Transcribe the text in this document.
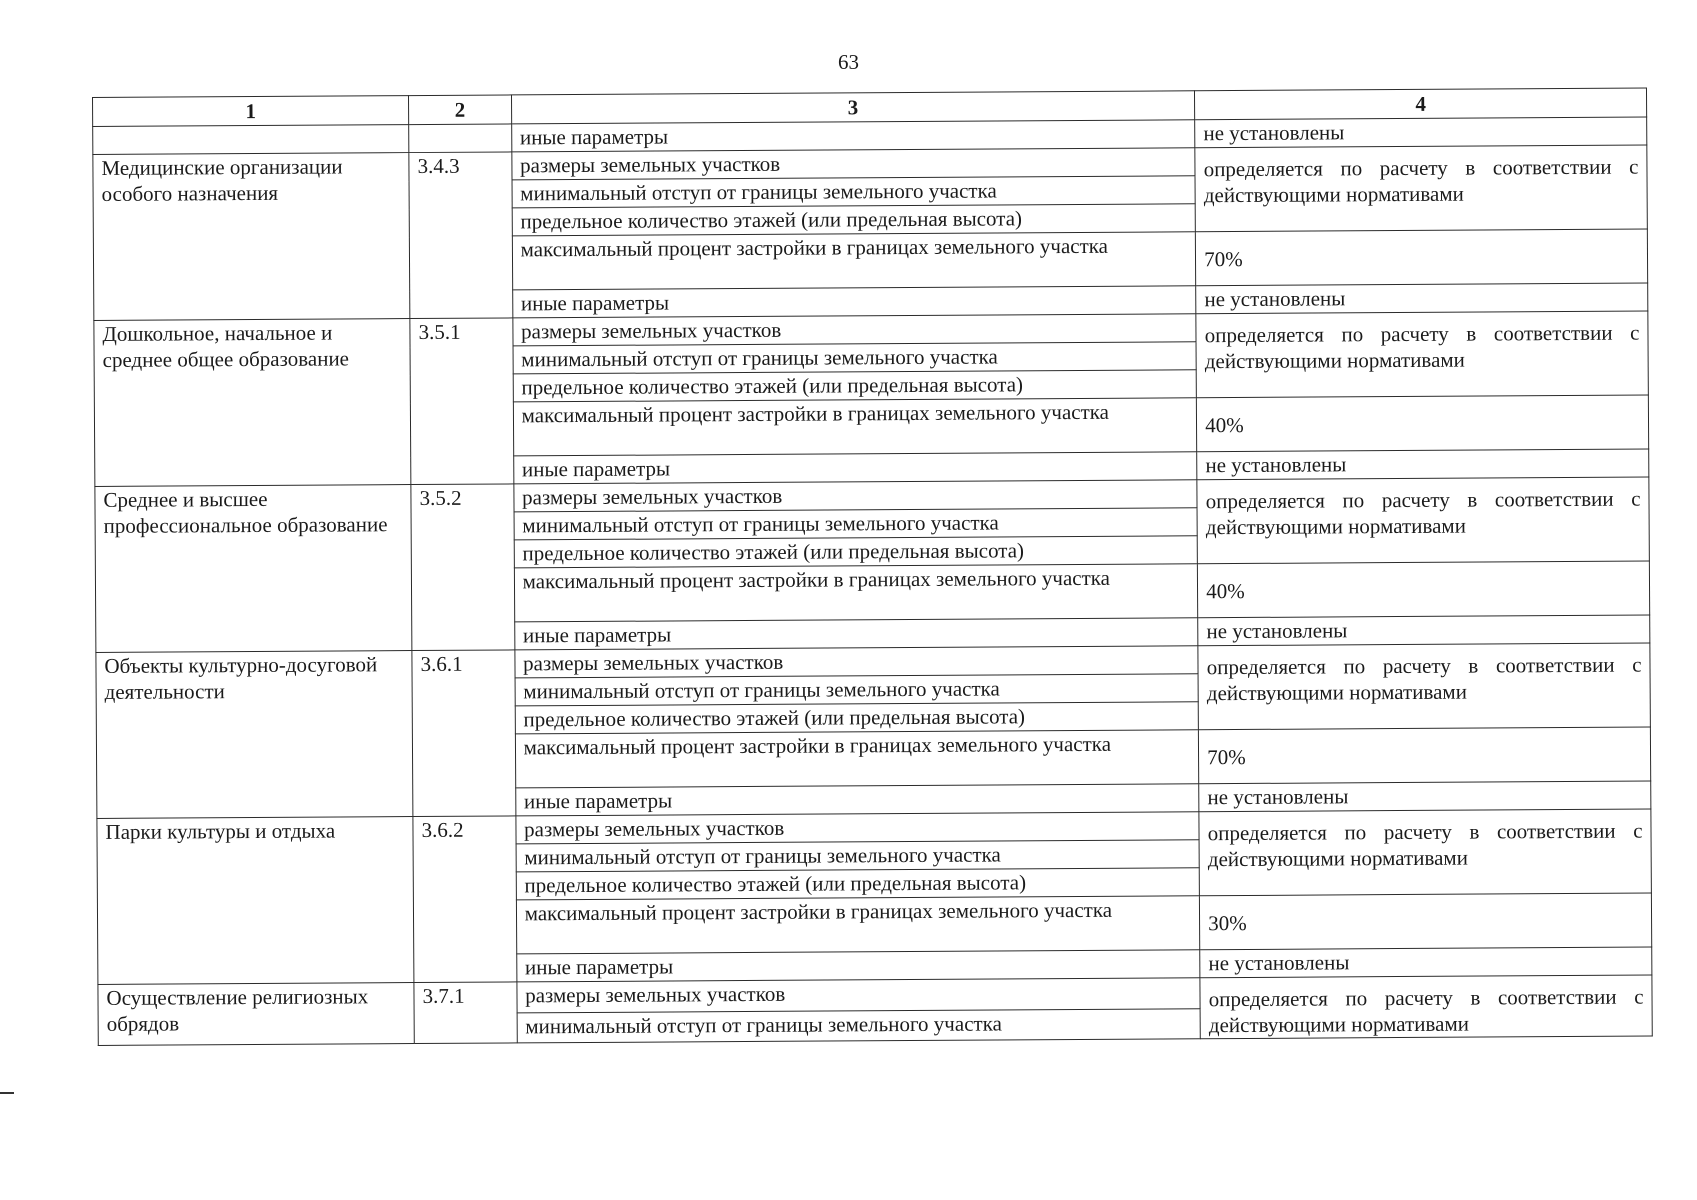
63
1	2	3	4
		иные параметры	не установлены
Медицинские организации особого назначения	3.4.3	размеры земельных участков	определяется по расчету в соответствии с действующими нормативами
		минимальный отступ от границы земельного участка	
		предельное количество этажей (или предельная высота)	
		максимальный процент застройки в границах земельного участка	70%
		иные параметры	не установлены
Дошкольное, начальное и среднее общее образование	3.5.1	размеры земельных участков	определяется по расчету в соответствии с действующими нормативами
		минимальный отступ от границы земельного участка	
		предельное количество этажей (или предельная высота)	
		максимальный процент застройки в границах земельного участка	40%
		иные параметры	не установлены
Среднее и высшее профессиональное образование	3.5.2	размеры земельных участков	определяется по расчету в соответствии с действующими нормативами
		минимальный отступ от границы земельного участка	
		предельное количество этажей (или предельная высота)	
		максимальный процент застройки в границах земельного участка	40%
		иные параметры	не установлены
Объекты культурно-досуговой деятельности	3.6.1	размеры земельных участков	определяется по расчету в соответствии с действующими нормативами
		минимальный отступ от границы земельного участка	
		предельное количество этажей (или предельная высота)	
		максимальный процент застройки в границах земельного участка	70%
		иные параметры	не установлены
Парки культуры и отдыха	3.6.2	размеры земельных участков	определяется по расчету в соответствии с действующими нормативами
		минимальный отступ от границы земельного участка	
		предельное количество этажей (или предельная высота)	
		максимальный процент застройки в границах земельного участка	30%
		иные параметры	не установлены
Осуществление религиозных обрядов	3.7.1	размеры земельных участков	определяется по расчету в соответствии с действующими нормативами
		минимальный отступ от границы земельного участка	
